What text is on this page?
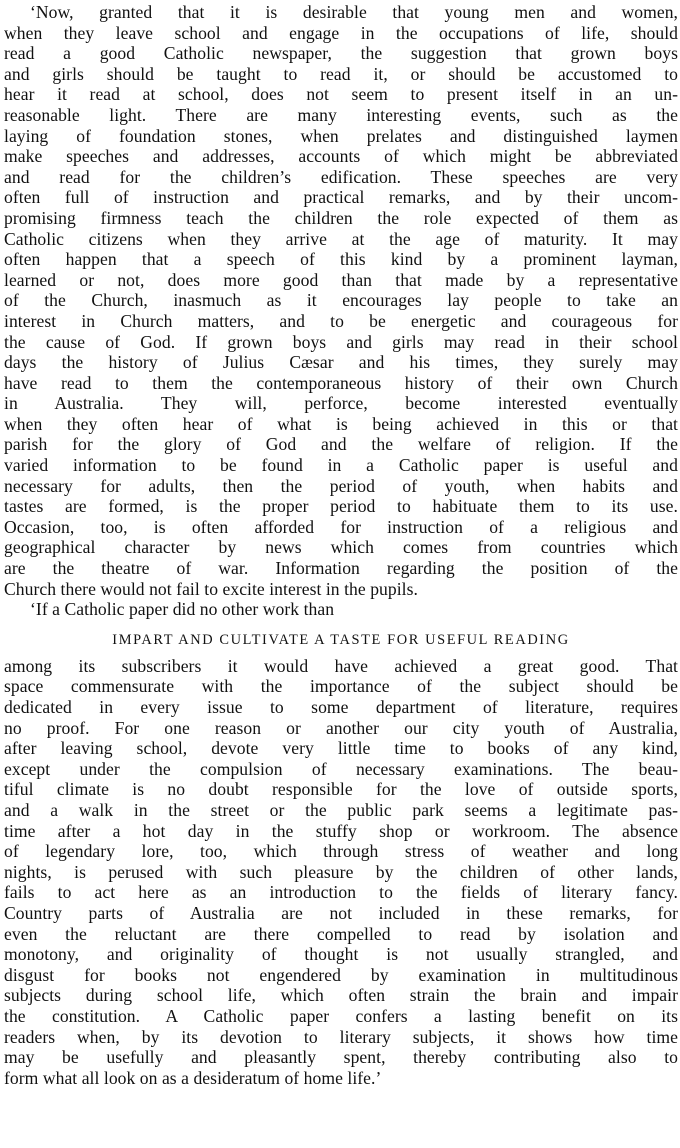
‘Now, granted that it is desirable that young men and women,
when they leave school and engage in the occupations of life, should
read a good Catholic newspaper, the suggestion that grown boys
and girls should be taught to read it, or should be accustomed to
hear it read at school, does not seem to present itself in an un-
reasonable light. There are many interesting events, such as the
laying of foundation stones, when prelates and distinguished laymen
make speeches and addresses, accounts of which might be abbreviated
and read for the children’s edification. These speeches are very
often full of instruction and practical remarks, and by their uncom-
promising firmness teach the children the role expected of them as
Catholic citizens when they arrive at the age of maturity. It may
often happen that a speech of this kind by a prominent layman,
learned or not, does more good than that made by a representative
of the Church, inasmuch as it encourages lay people to take an
interest in Church matters, and to be energetic and courageous for
the cause of God. If grown boys and girls may read in their school
days the history of Julius Cæsar and his times, they surely may
have read to them the contemporaneous history of their own Church
in Australia. They will, perforce, become interested eventually
when they often hear of what is being achieved in this or that
parish for the glory of God and the welfare of religion. If the
varied information to be found in a Catholic paper is useful and
necessary for adults, then the period of youth, when habits and
tastes are formed, is the proper period to habituate them to its use.
Occasion, too, is often afforded for instruction of a religious and
geographical character by news which comes from countries which
are the theatre of war. Information regarding the position of the
Church there would not fail to excite interest in the pupils.

‘If a Catholic paper did no other work than

IMPART AND CULTIVATE A TASTE FOR USEFUL READING

among its subscribers it would have achieved a great good. That
space commensurate with the importance of the subject should be
dedicated in every issue to some department of literature, requires
no proof. For one reason or another our city youth of Australia,
after leaving school, devote very little time to books of any kind,
except under the compulsion of necessary examinations. The beau-
tiful climate is no doubt responsible for the love of outside sports,
and a walk in the street or the public park seems a legitimate pas-
time after a hot day in the stuffy shop or workroom. The absence
of legendary lore, too, which through stress of weather and long
nights, is perused with such pleasure by the children of other lands,
fails to act here as an introduction to the fields of literary fancy.
Country parts of Australia are not included in these remarks, for
even the reluctant are there compelled to read by isolation and
monotony, and originality of thought is not usually strangled, and
disgust for books not engendered by examination in multitudinous
subjects during school life, which often strain the brain and impair
the constitution. A Catholic paper confers a lasting benefit on its
readers when, by its devotion to literary subjects, it shows how time
may be usefully and pleasantly spent, thereby contributing also to
form what all look on as a desideratum of home life.’
